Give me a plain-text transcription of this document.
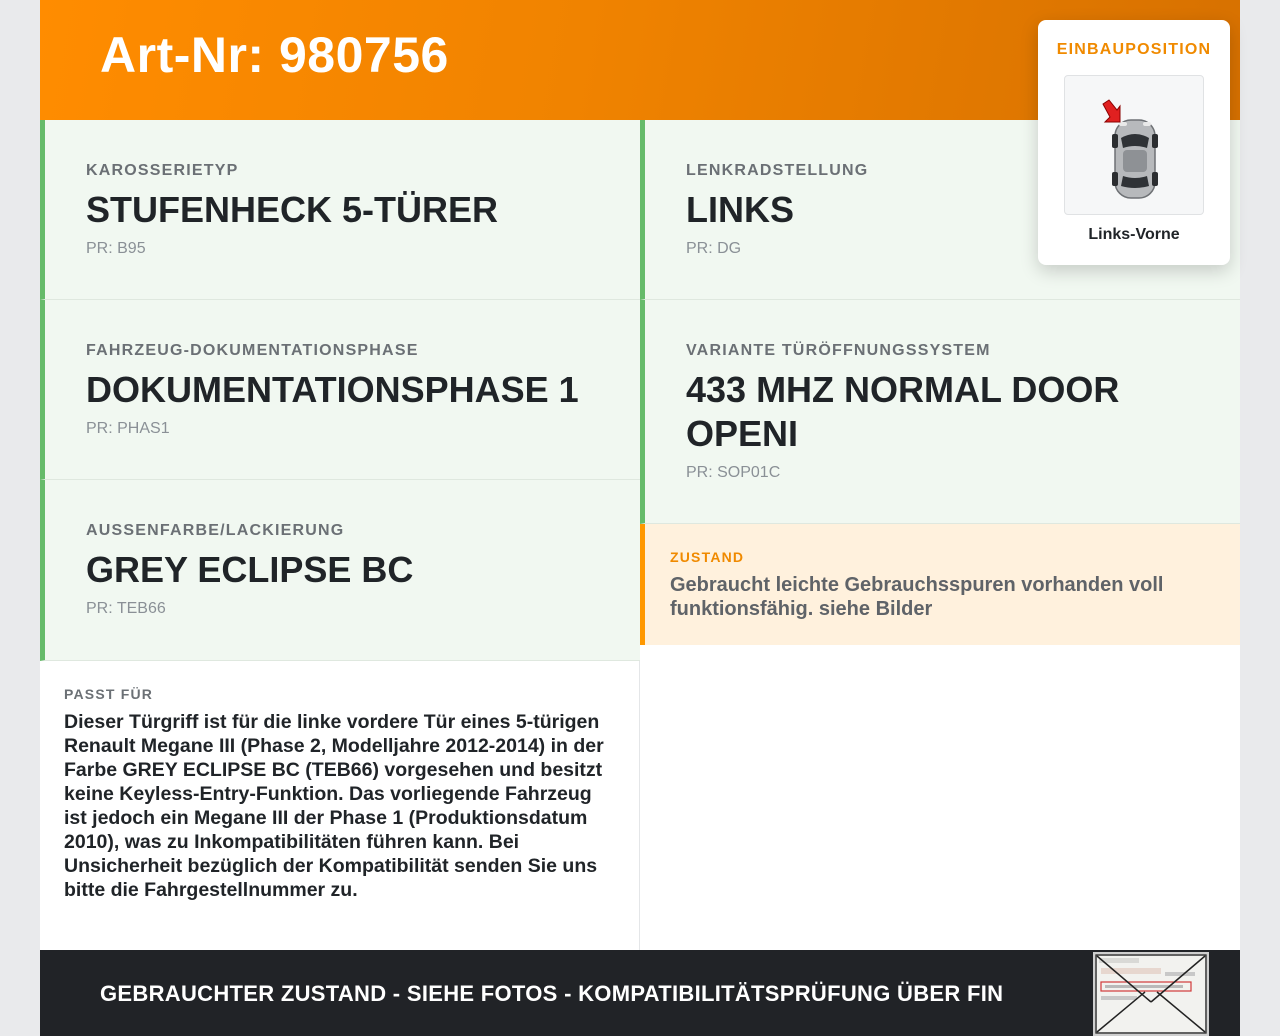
Art-Nr: 980756
KAROSSERIETYP
STUFENHECK 5-TÜRER
PR: B95
FAHRZEUG-DOKUMENTATIONSPHASE
DOKUMENTATIONSPHASE 1
PR: PHAS1
AUSSENFARBE/LACKIERUNG
GREY ECLIPSE BC
PR: TEB66
LENKRADSTELLUNG
LINKS
PR: DG
VARIANTE TÜRÖFFNUNGSSYSTEM
433 MHZ NORMAL DOOR OPENI
PR: SOP01C
ZUSTAND
Gebraucht leichte Gebrauchsspuren vorhanden voll funktionsfähig. siehe Bilder
PASST FÜR
Dieser Türgriff ist für die linke vordere Tür eines 5-türigen Renault Megane III (Phase 2, Modelljahre 2012-2014) in der Farbe GREY ECLIPSE BC (TEB66) vorgesehen und besitzt keine Keyless-Entry-Funktion. Das vorliegende Fahrzeug ist jedoch ein Megane III der Phase 1 (Produktionsdatum 2010), was zu Inkompatibilitäten führen kann. Bei Unsicherheit bezüglich der Kompatibilität senden Sie uns bitte die Fahrgestellnummer zu.
GEBRAUCHTER ZUSTAND - SIEHE FOTOS - KOMPATIBILITÄTSPRÜFUNG ÜBER FIN
EINBAUPOSITION
Links-Vorne
